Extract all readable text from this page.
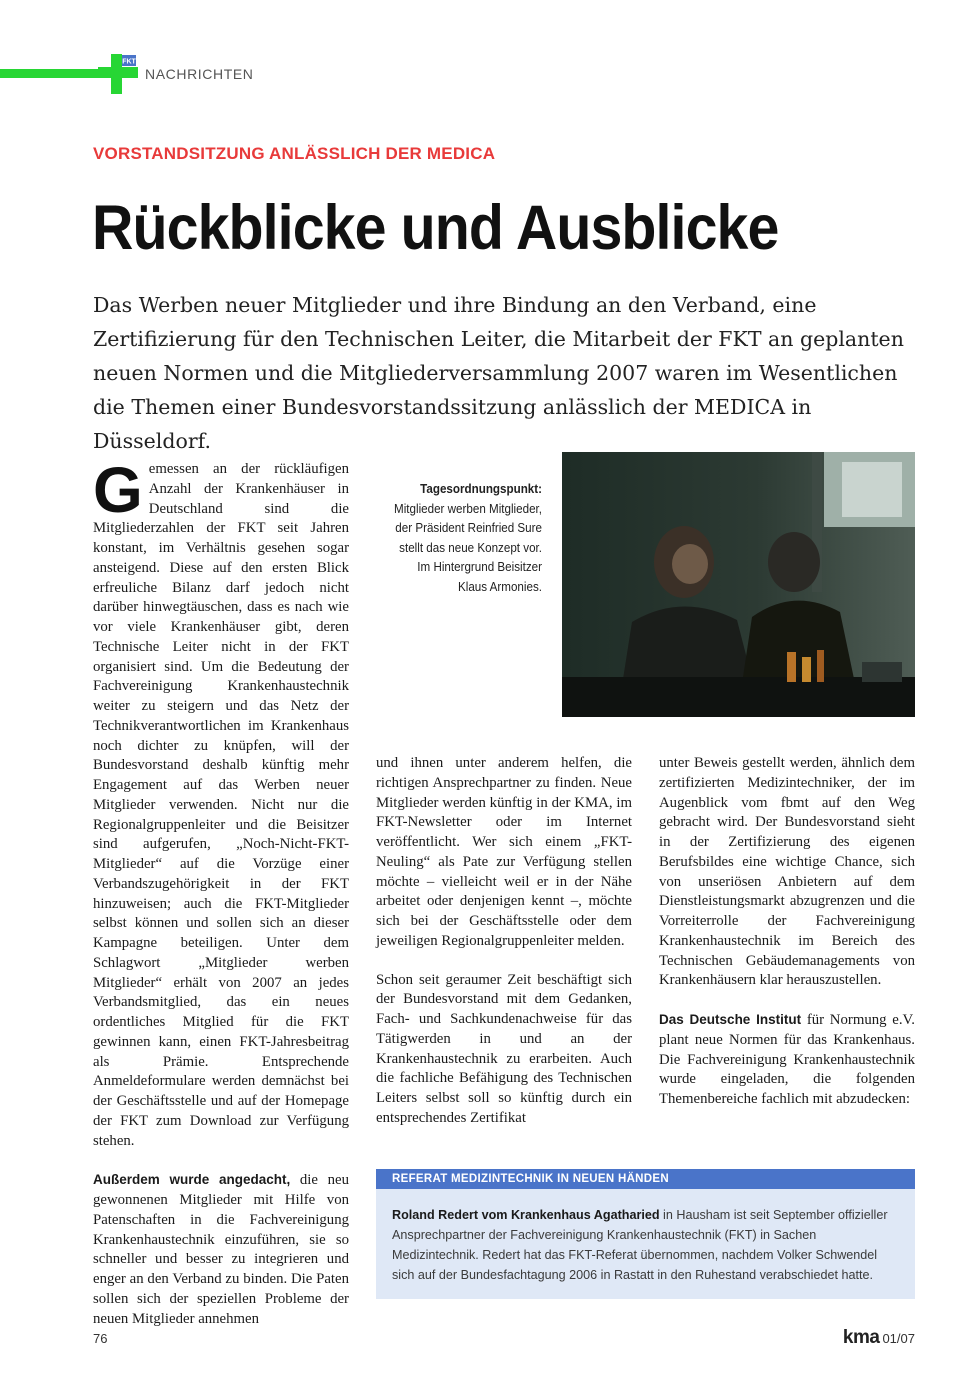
FKT
NACHRICHTEN
VORSTANDSITZUNG ANLÄSSLICH DER MEDICA
Rückblicke und Ausblicke

Das Werben neuer Mitglieder und ihre Bindung an den Verband, eine Zertifizierung für den Technischen Leiter, die Mitarbeit der FKT an geplanten neuen Normen und die Mitgliederversammlung 2007 waren im Wesentlichen die Themen einer Bundesvorstandssitzung anlässlich der MEDICA in Düsseldorf.

Gemessen an der rückläufigen Anzahl der Krankenhäuser in Deutschland sind die Mitgliederzahlen der FKT seit Jahren konstant, im Verhältnis gesehen sogar ansteigend. Diese auf den ersten Blick erfreuliche Bilanz darf jedoch nicht darüber hinwegtäuschen, dass es nach wie vor viele Krankenhäuser gibt, deren Technische Leiter nicht in der FKT organisiert sind. Um die Bedeutung der Fachvereinigung Krankenhaustechnik weiter zu steigern und das Netz der Technikverantwortlichen im Krankenhaus noch dichter zu knüpfen, will der Bundesvorstand deshalb künftig mehr Engagement auf das Werben neuer Mitglieder verwenden. Nicht nur die Regionalgruppenleiter und die Beisitzer sind aufgerufen, „Noch-Nicht-FKT-Mitglieder“ auf die Vorzüge einer Verbandszugehörigkeit in der FKT hinzuweisen; auch die FKT-Mitglieder selbst können und sollen sich an dieser Kampagne beteiligen. Unter dem Schlagwort „Mitglieder werben Mitglieder“ erhält von 2007 an jedes Verbandsmitglied, das ein neues ordentliches Mitglied für die FKT gewinnen kann, einen FKT-Jahresbeitrag als Prämie. Entsprechende Anmeldeformulare werden demnächst bei der Geschäftsstelle und auf der Homepage der FKT zum Download zur Verfügung stehen.

Außerdem wurde angedacht, die neu gewonnenen Mitglieder mit Hilfe von Patenschaften in die Fachvereinigung Krankenhaustechnik einzuführen, sie so schneller und besser zu integrieren und enger an den Verband zu binden. Die Paten sollen sich der speziellen Probleme der neuen Mitglieder annehmen

Tagesordnungspunkt: Mitglieder werben Mitglieder, der Präsident Reinfried Sure stellt das neue Konzept vor. Im Hintergrund Beisitzer Klaus Armonies.

und ihnen unter anderem helfen, die richtigen Ansprechpartner zu finden. Neue Mitglieder werden künftig in der KMA, im FKT-Newsletter oder im Internet veröffentlicht. Wer sich einem „FKT-Neuling“ als Pate zur Verfügung stellen möchte – vielleicht weil er in der Nähe arbeitet oder denjenigen kennt –, möchte sich bei der Geschäftsstelle oder dem jeweiligen Regionalgruppenleiter melden.

Schon seit geraumer Zeit beschäftigt sich der Bundesvorstand mit dem Gedanken, Fach- und Sachkundenachweise für das Tätigwerden in und an der Krankenhaustechnik zu erarbeiten. Auch die fachliche Befähigung des Technischen Leiters selbst soll so künftig durch ein entsprechendes Zertifikat

unter Beweis gestellt werden, ähnlich dem zertifizierten Medizintechniker, der im Augenblick vom fbmt auf den Weg gebracht wird. Der Bundesvorstand sieht in der Zertifizierung des eigenen Berufsbildes eine wichtige Chance, sich von unseriösen Anbietern auf dem Dienstleistungsmarkt abzugrenzen und die Vorreiterrolle der Fachvereinigung Krankenhaustechnik im Bereich des Technischen Gebäudemanagements von Krankenhäusern klar herauszustellen.

Das Deutsche Institut für Normung e.V. plant neue Normen für das Krankenhaus. Die Fachvereinigung Krankenhaustechnik wurde eingeladen, die folgenden Themenbereiche fachlich mit abzudecken:

REFERAT MEDIZINTECHNIK IN NEUEN HÄNDEN

Roland Redert vom Krankenhaus Agatharied in Hausham ist seit September offizieller Ansprechpartner der Fachvereinigung Krankenhaustechnik (FKT) in Sachen Medizintechnik. Redert hat das FKT-Referat übernommen, nachdem Volker Schwendel sich auf der Bundesfachtagung 2006 in Rastatt in den Ruhestand verabschiedet hatte.

76	kma 01/07
